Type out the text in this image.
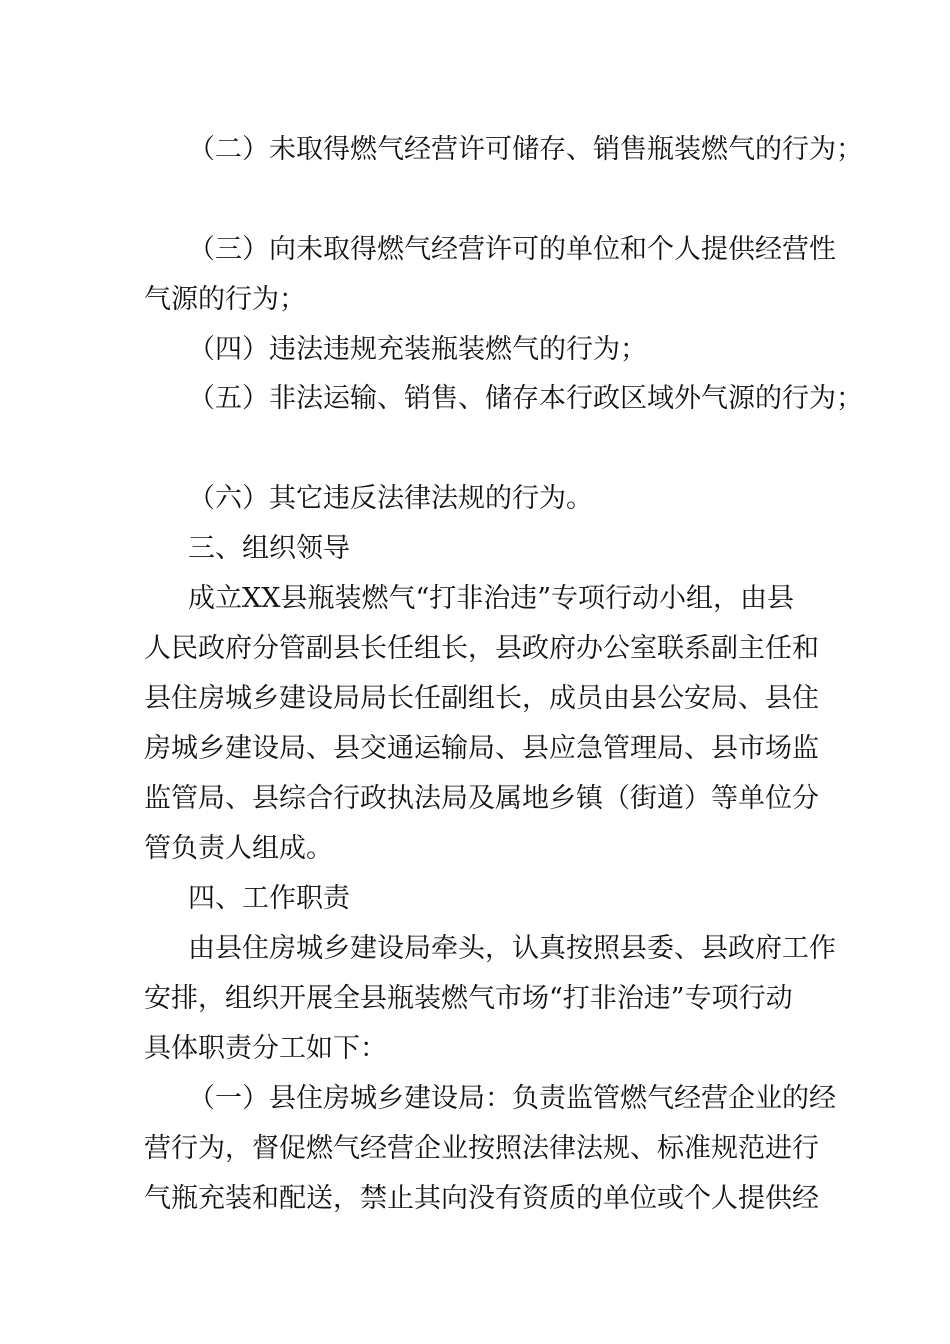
（二）未取得燃气经营许可储存、销售瓶装燃气的行为；

（三）向未取得燃气经营许可的单位和个人提供经营性

气源的行为；

（四）违法违规充装瓶装燃气的行为；

（五）非法运输、销售、储存本行政区域外气源的行为；

（六）其它违反法律法规的行为。

三、组织领导

成立XX县瓶装燃气“打非治违”专项行动小组，由县

人民政府分管副县长任组长，县政府办公室联系副主任和

县住房城乡建设局局长任副组长，成员由县公安局、县住

房城乡建设局、县交通运输局、县应急管理局、县市场监

监管局、县综合行政执法局及属地乡镇（街道）等单位分

管负责人组成。

四、工作职责

由县住房城乡建设局牵头，认真按照县委、县政府工作

安排，组织开展全县瓶装燃气市场“打非治违”专项行动

具体职责分工如下：

（一）县住房城乡建设局：负责监管燃气经营企业的经

营行为，督促燃气经营企业按照法律法规、标准规范进行

气瓶充装和配送，禁止其向没有资质的单位或个人提供经
